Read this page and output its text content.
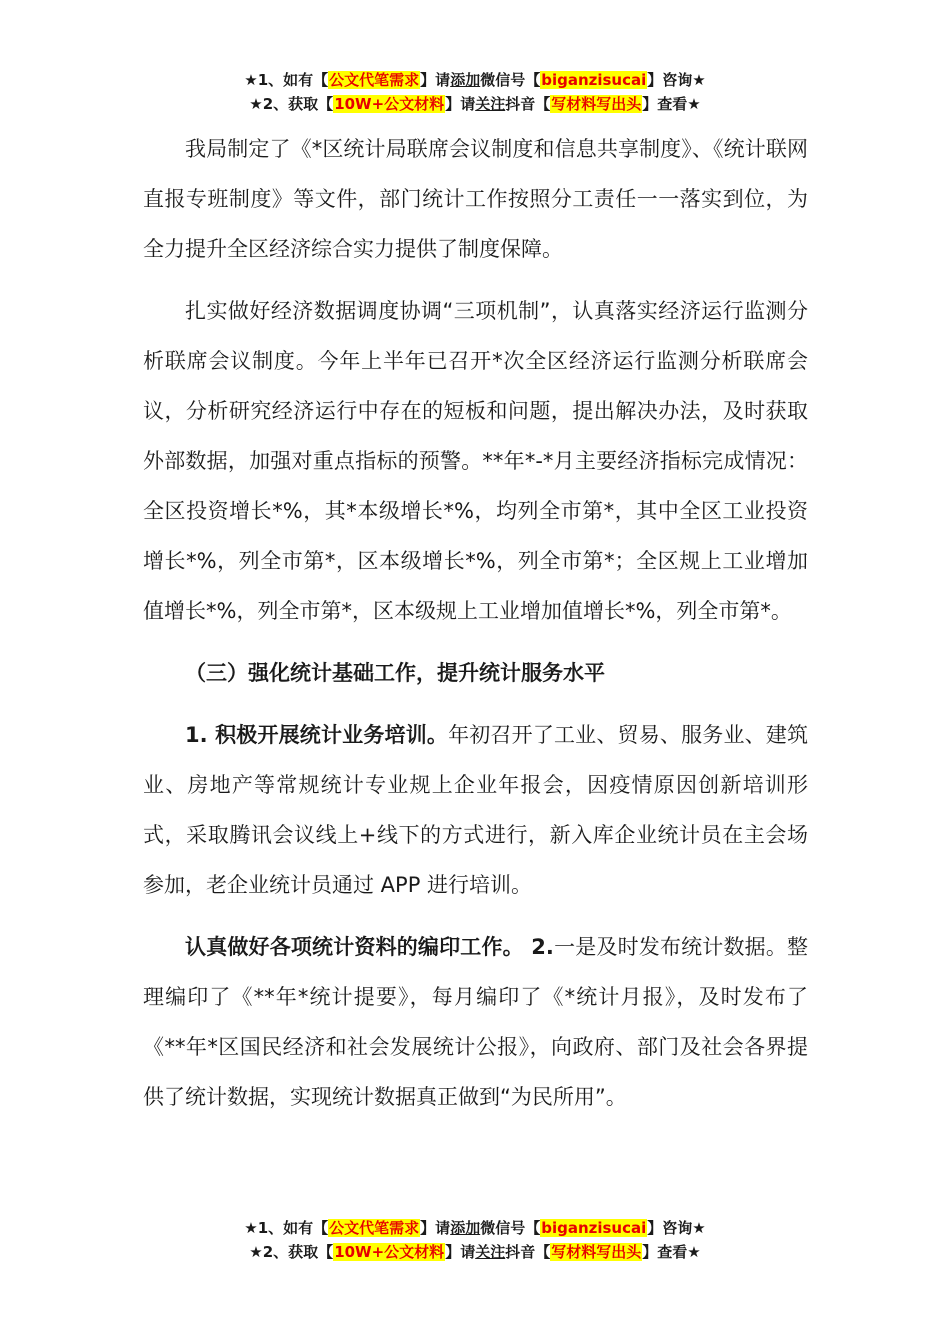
★1、如有【公文代笔需求】请添加微信号【biganzisucai】咨询★
★2、获取【10W+公文材料】请关注抖音【写材料写出头】查看★

我局制定了《*区统计局联席会议制度和信息共享制度》、《统计联网直报专班制度》等文件，部门统计工作按照分工责任一一落实到位，为全力提升全区经济综合实力提供了制度保障。

扎实做好经济数据调度协调“三项机制”，认真落实经济运行监测分析联席会议制度。今年上半年已召开*次全区经济运行监测分析联席会议，分析研究经济运行中存在的短板和问题，提出解决办法，及时获取外部数据，加强对重点指标的预警。**年*-*月主要经济指标完成情况：全区投资增长*%，其*本级增长*%，均列全市第*，其中全区工业投资增长*%，列全市第*，区本级增长*%，列全市第*；全区规上工业增加值增长*%，列全市第*，区本级规上工业增加值增长*%，列全市第*。

（三）强化统计基础工作，提升统计服务水平

1. 积极开展统计业务培训。年初召开了工业、贸易、服务业、建筑业、房地产等常规统计专业规上企业年报会，因疫情原因创新培训形式，采取腾讯会议线上+线下的方式进行，新入库企业统计员在主会场参加，老企业统计员通过 APP 进行培训。

认真做好各项统计资料的编印工作。 2.一是及时发布统计数据。整理编印了《**年*统计提要》，每月编印了《*统计月报》，及时发布了《**年*区国民经济和社会发展统计公报》，向政府、部门及社会各界提供了统计数据，实现统计数据真正做到“为民所用”。

★1、如有【公文代笔需求】请添加微信号【biganzisucai】咨询★
★2、获取【10W+公文材料】请关注抖音【写材料写出头】查看★
